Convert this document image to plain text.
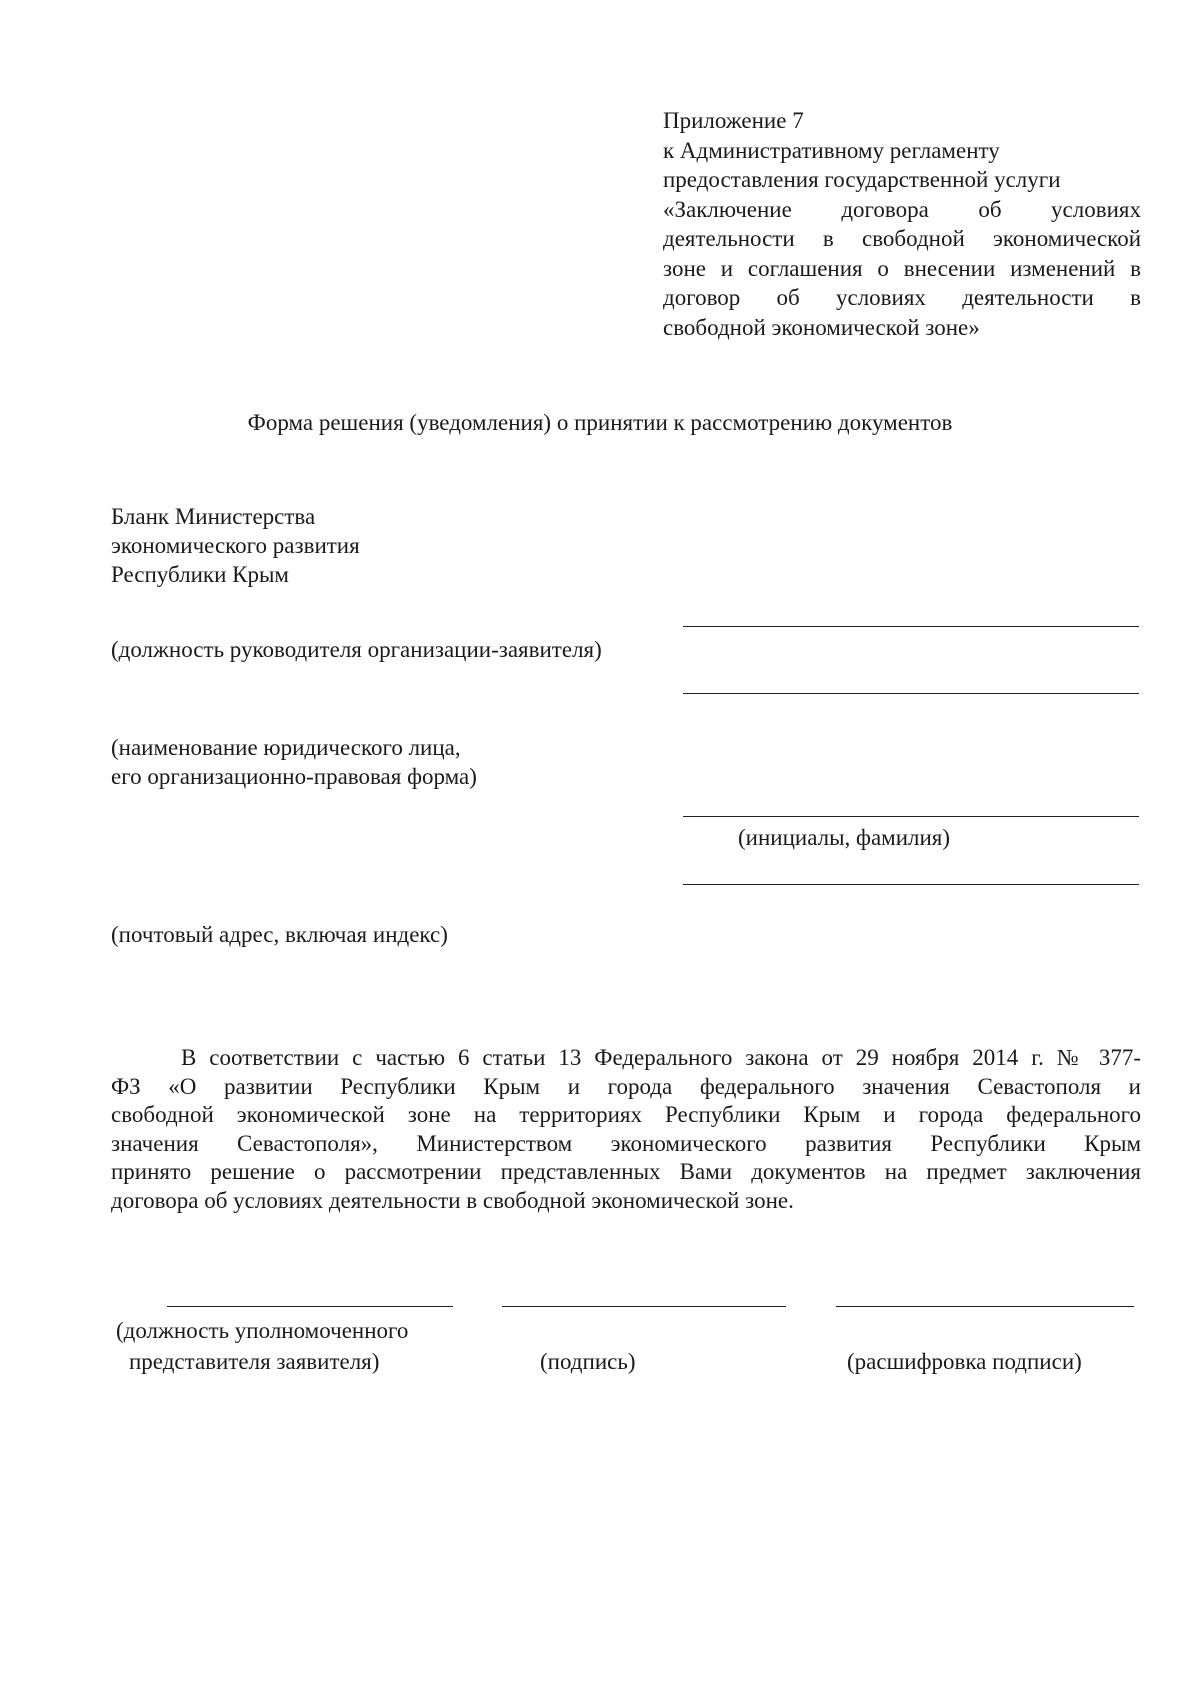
Приложение 7
к Административному регламенту
предоставления государственной услуги
«Заключение договора об условиях
деятельности в свободной экономической
зоне и соглашения о внесении изменений в
договор об условиях деятельности в
свободной экономической зоне»
Форма решения (уведомления) о принятии к рассмотрению документов
Бланк Министерства
экономического развития
Республики Крым
(должность руководителя организации-заявителя)
(наименование юридического лица,
его организационно-правовая форма)
(инициалы, фамилия)
(почтовый адрес, включая индекс)
В соответствии с частью 6 статьи 13 Федерального закона от 29 ноября 2014 г. № 377-
ФЗ «О развитии Республики Крым и города федерального значения Севастополя и
свободной экономической зоне на территориях Республики Крым и города федерального
значения Севастополя», Министерством экономического развития Республики Крым
принято решение о рассмотрении представленных Вами документов на предмет заключения
договора об условиях деятельности в свободной экономической зоне.
(должность уполномоченного
представителя заявителя)	(подпись)	(расшифровка подписи)
